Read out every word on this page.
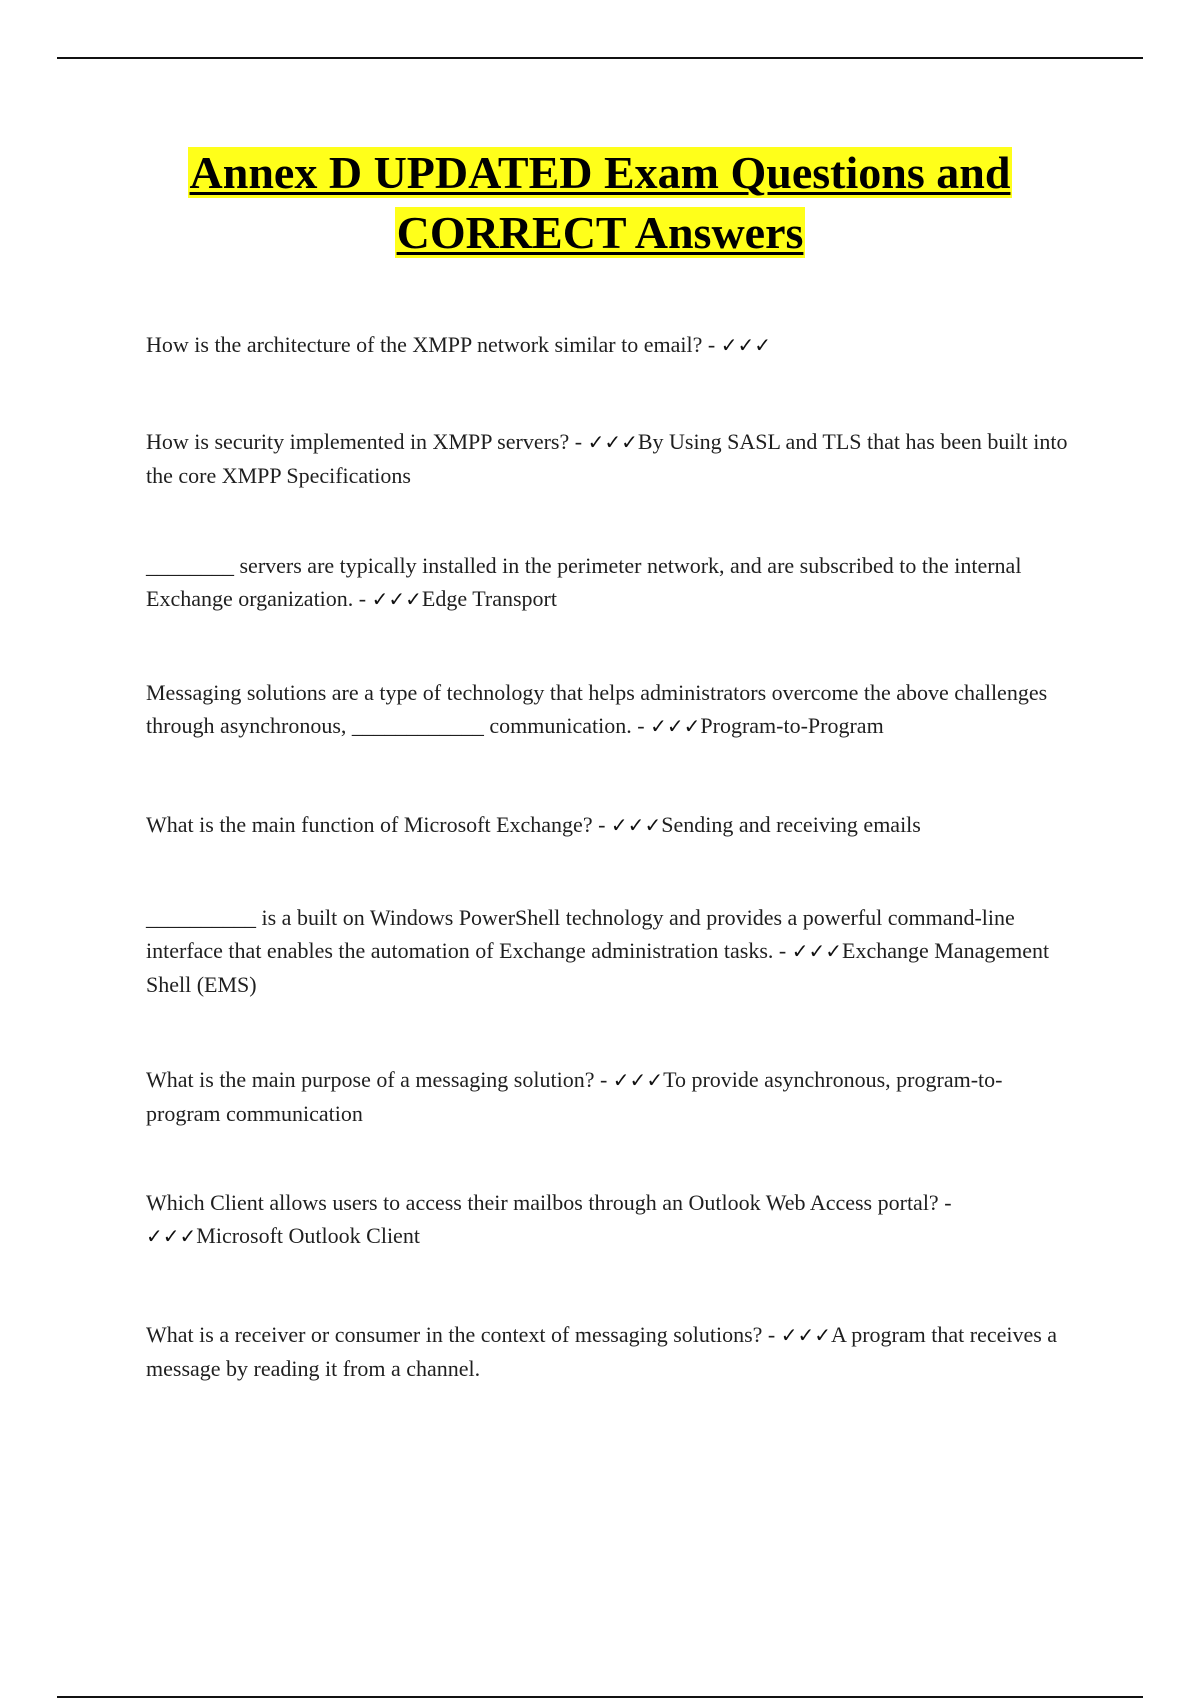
Annex D UPDATED Exam Questions and
CORRECT Answers

How is the architecture of the XMPP network similar to email? - ✓✓✓

How is security implemented in XMPP servers? - ✓✓✓By Using SASL and TLS that has been built into the core XMPP Specifications

________ servers are typically installed in the perimeter network, and are subscribed to the internal Exchange organization. - ✓✓✓Edge Transport

Messaging solutions are a type of technology that helps administrators overcome the above challenges through asynchronous, ____________ communication. - ✓✓✓Program-to-Program

What is the main function of Microsoft Exchange? - ✓✓✓Sending and receiving emails

__________ is a built on Windows PowerShell technology and provides a powerful command-line interface that enables the automation of Exchange administration tasks. - ✓✓✓Exchange Management Shell (EMS)

What is the main purpose of a messaging solution? - ✓✓✓To provide asynchronous, program-to-program communication

Which Client allows users to access their mailbos through an Outlook Web Access portal? - ✓✓✓Microsoft Outlook Client

What is a receiver or consumer in the context of messaging solutions? - ✓✓✓A program that receives a message by reading it from a channel.
